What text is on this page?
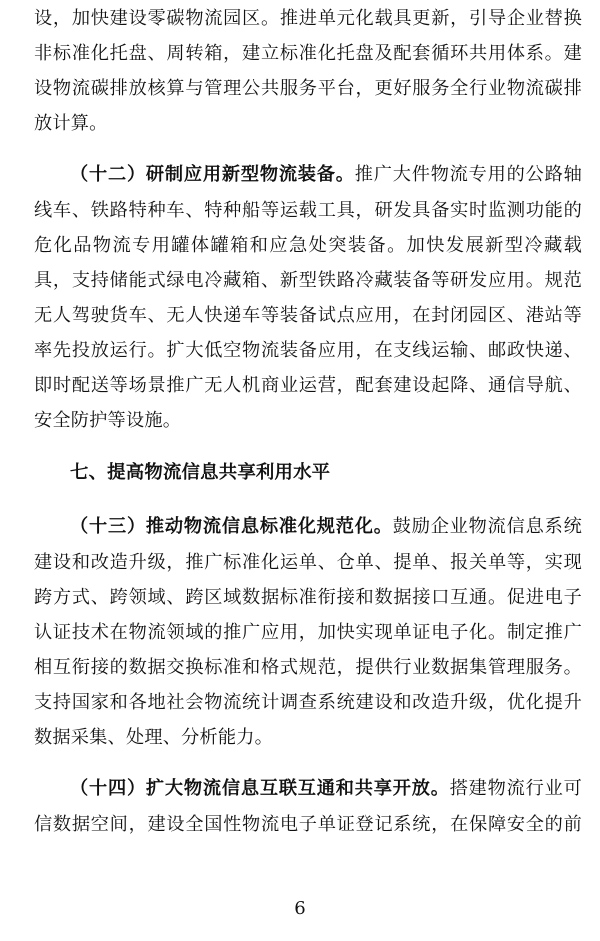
设，加快建设零碳物流园区。推进单元化载具更新，引导企业替换
非标准化托盘、周转箱，建立标准化托盘及配套循环共用体系。建
设物流碳排放核算与管理公共服务平台，更好服务全行业物流碳排
放计算。
（十二）研制应用新型物流装备。推广大件物流专用的公路轴
线车、铁路特种车、特种船等运载工具，研发具备实时监测功能的
危化品物流专用罐体罐箱和应急处突装备。加快发展新型冷藏载
具，支持储能式绿电冷藏箱、新型铁路冷藏装备等研发应用。规范
无人驾驶货车、无人快递车等装备试点应用，在封闭园区、港站等
率先投放运行。扩大低空物流装备应用，在支线运输、邮政快递、
即时配送等场景推广无人机商业运营，配套建设起降、通信导航、
安全防护等设施。
七、提高物流信息共享利用水平
（十三）推动物流信息标准化规范化。鼓励企业物流信息系统
建设和改造升级，推广标准化运单、仓单、提单、报关单等，实现
跨方式、跨领域、跨区域数据标准衔接和数据接口互通。促进电子
认证技术在物流领域的推广应用，加快实现单证电子化。制定推广
相互衔接的数据交换标准和格式规范，提供行业数据集管理服务。
支持国家和各地社会物流统计调查系统建设和改造升级，优化提升
数据采集、处理、分析能力。
（十四）扩大物流信息互联互通和共享开放。搭建物流行业可
信数据空间，建设全国性物流电子单证登记系统，在保障安全的前
6
